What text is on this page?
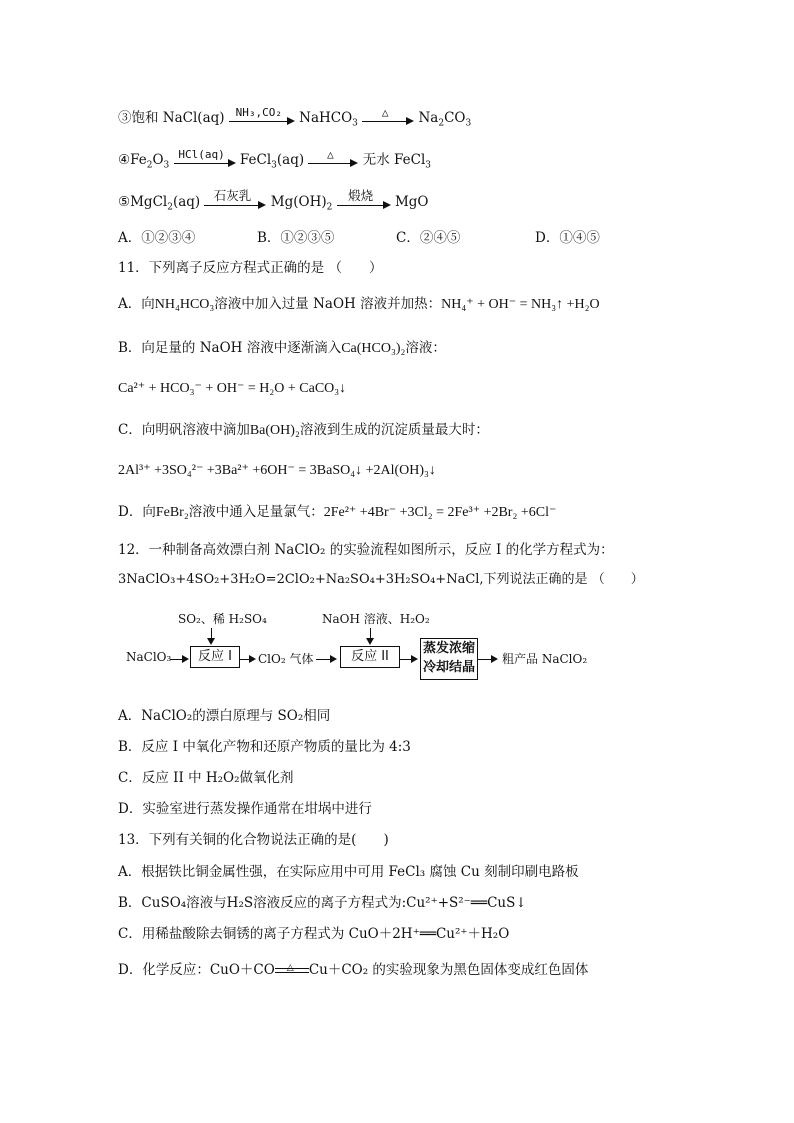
③饱和 NaCl(aq)	NH₃,CO₂	NaHCO$_3$
△	$Na_2CO_3$
$④Fe_2O_3$
HCl(aq)	FeCl$_3$(aq)	△	无水 FeCl$_3$
⑤MgCl$_2$(aq)	石灰乳	$Mg(OH)_2$
煅烧	MgO
A．①②③④	B．①②③⑤	C．②④⑤	D．①④⑤
11．下列离子反应方程式正确的是 （　　）
A．向NH₄HCO₃溶液中加入过量 NaOH 溶液并加热：NH₄⁺ + OH⁻ = NH₃↑ +H₂O
B．向足量的 NaOH 溶液中逐渐滴入Ca(HCO₃)₂溶液：
Ca²⁺ + HCO₃⁻ + OH⁻ = H₂O + CaCO₃↓
C．向明矾溶液中滴加Ba(OH)₂溶液到生成的沉淀质量最大时：
2Al³⁺ +3SO₄²⁻ +3Ba²⁺ +6OH⁻ = 3BaSO₄↓ +2Al(OH)₃↓
D．向FeBr₂溶液中通入足量氯气：2Fe²⁺ +4Br⁻ +3Cl₂ = 2Fe³⁺ +2Br₂ +6Cl⁻
12．一种制备高效漂白剂 NaClO₂ 的实验流程如图所示，反应 I 的化学方程式为：
3NaClO₃+4SO₂+3H₂O=2ClO₂+Na₂SO₄+3H₂SO₄+NaCl,下列说法正确的是 （　　）
NaClO₃
SO₂、稀 H₂SO₄
反应 I	ClO₂ 气体
NaOH 溶液、H₂O₂
反应 II
蒸发浓缩
冷却结晶
粗产品 NaClO₂
A．NaClO₂的漂白原理与 SO₂相同
B．反应 I 中氧化产物和还原产物质的量比为 4:3
C．反应 II 中 H₂O₂做氧化剂
D．实验室进行蒸发操作通常在坩埚中进行
13．下列有关铜的化合物说法正确的是(　　)
A．根据铁比铜金属性强，在实际应用中可用 FeCl₃ 腐蚀 Cu 刻制印刷电路板
B．CuSO₄溶液与H₂S溶液反应的离子方程式为:Cu²⁺+S²⁻══CuS↓
C．用稀盐酸除去铜锈的离子方程式为 CuO＋2H⁺══Cu²⁺＋H₂O
D．化学反应：CuO＋CO △ Cu＋CO₂ 的实验现象为黑色固体变成红色固体
